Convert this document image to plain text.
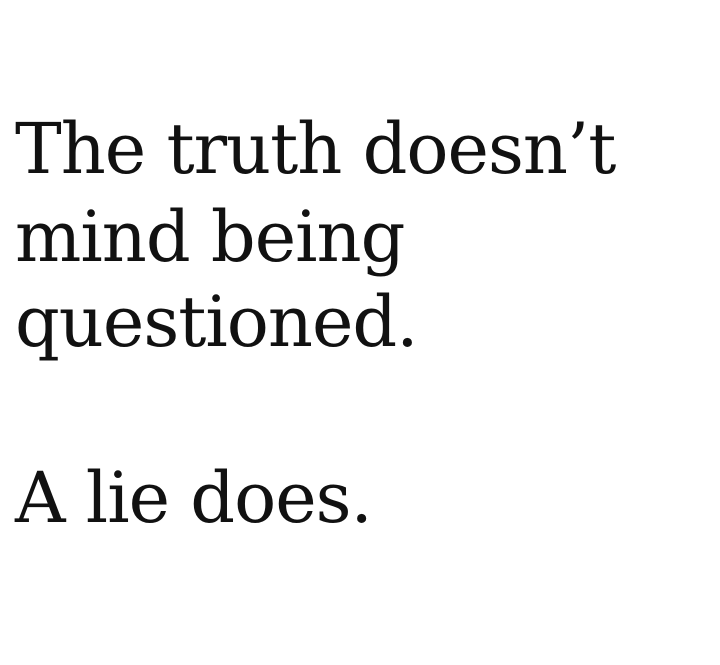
The truth doesn’t

mind being

questioned.

A lie does.
